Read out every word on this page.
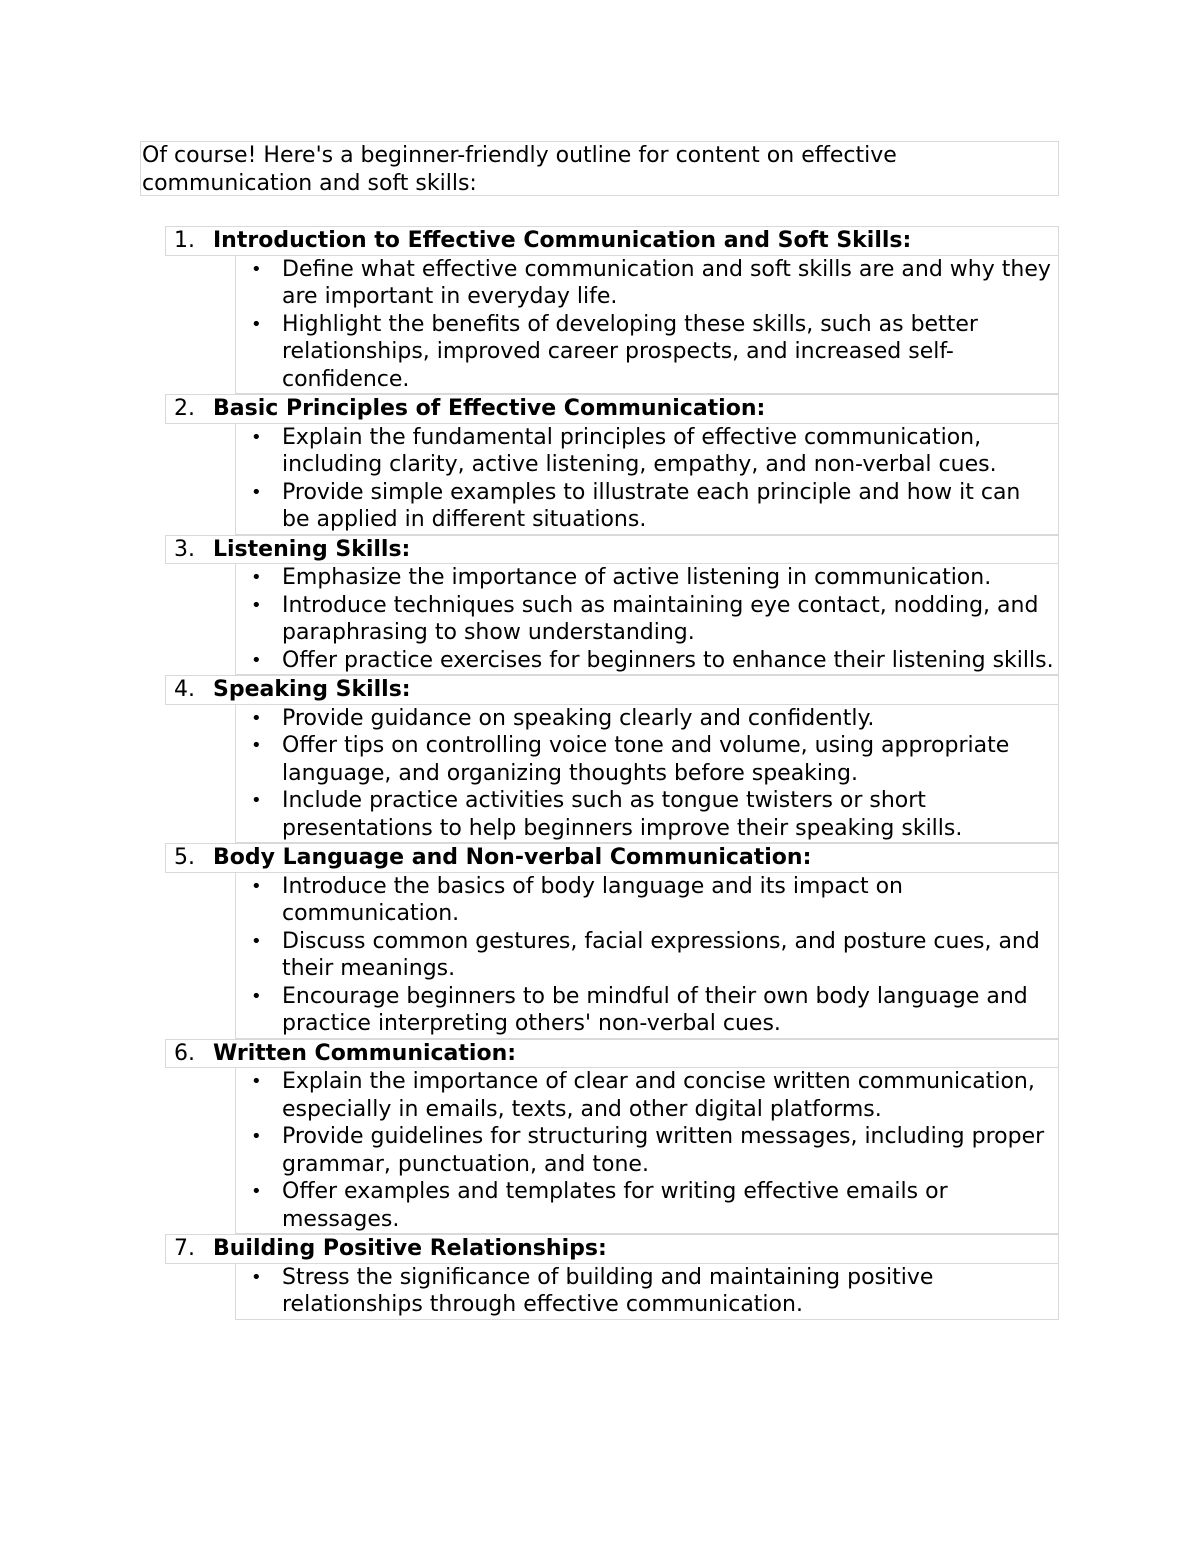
Of course! Here's a beginner-friendly outline for content on effective communication and soft skills:
1. Introduction to Effective Communication and Soft Skills:
• Define what effective communication and soft skills are and why they are important in everyday life.
• Highlight the benefits of developing these skills, such as better relationships, improved career prospects, and increased self-confidence.
2. Basic Principles of Effective Communication:
• Explain the fundamental principles of effective communication, including clarity, active listening, empathy, and non-verbal cues.
• Provide simple examples to illustrate each principle and how it can be applied in different situations.
3. Listening Skills:
• Emphasize the importance of active listening in communication.
• Introduce techniques such as maintaining eye contact, nodding, and paraphrasing to show understanding.
• Offer practice exercises for beginners to enhance their listening skills.
4. Speaking Skills:
• Provide guidance on speaking clearly and confidently.
• Offer tips on controlling voice tone and volume, using appropriate language, and organizing thoughts before speaking.
• Include practice activities such as tongue twisters or short presentations to help beginners improve their speaking skills.
5. Body Language and Non-verbal Communication:
• Introduce the basics of body language and its impact on communication.
• Discuss common gestures, facial expressions, and posture cues, and their meanings.
• Encourage beginners to be mindful of their own body language and practice interpreting others' non-verbal cues.
6. Written Communication:
• Explain the importance of clear and concise written communication, especially in emails, texts, and other digital platforms.
• Provide guidelines for structuring written messages, including proper grammar, punctuation, and tone.
• Offer examples and templates for writing effective emails or messages.
7. Building Positive Relationships:
• Stress the significance of building and maintaining positive relationships through effective communication.
